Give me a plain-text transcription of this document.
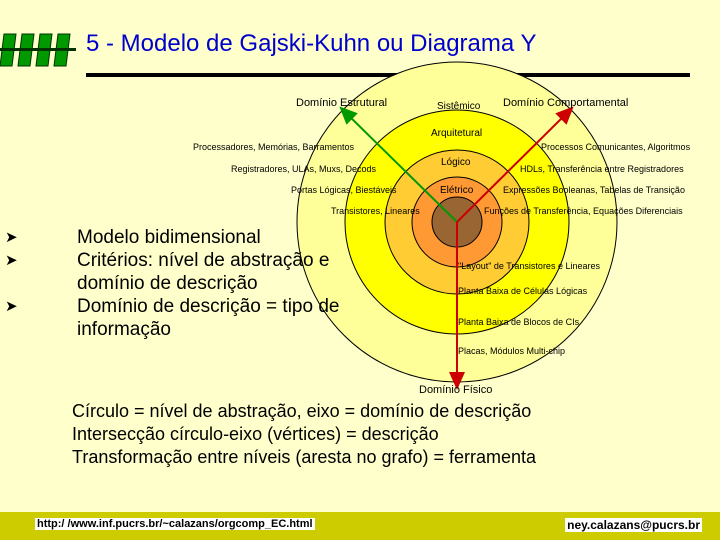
5 - Modelo de Gajski-Kuhn ou Diagrama Y
Domínio Estrutural	Domínio Comportamental
Domínio Físico
Sistêmico
Arquitetural
Lógico
Elétrico
Processadores, Memórias, Barramentos
Registradores, ULAs, Muxs, Decods
Portas Lógicas, Biestáveis
Transistores, Lineares
Processos Comunicantes, Algoritmos
HDLs, Transferência entre Registradores
Expressões Booleanas, Tabelas de Transição
Funções de Transferência, Equações Diferenciais
"Layout" de Transistores e Lineares
Planta Baixa de Células Lógicas
Planta Baixa de Blocos de CIs
Placas, Módulos Multi-chip
➤	Modelo bidimensional
➤	Critérios: nível de abstração e domínio de descrição
➤	Domínio de descrição = tipo de informação
Círculo = nível de abstração, eixo = domínio de descrição
Intersecção círculo-eixo (vértices) = descrição
Transformação entre níveis (aresta no grafo) = ferramenta
http:/ /www.inf.pucrs.br/~calazans/orgcomp_EC.html	ney.calazans@pucrs.br
